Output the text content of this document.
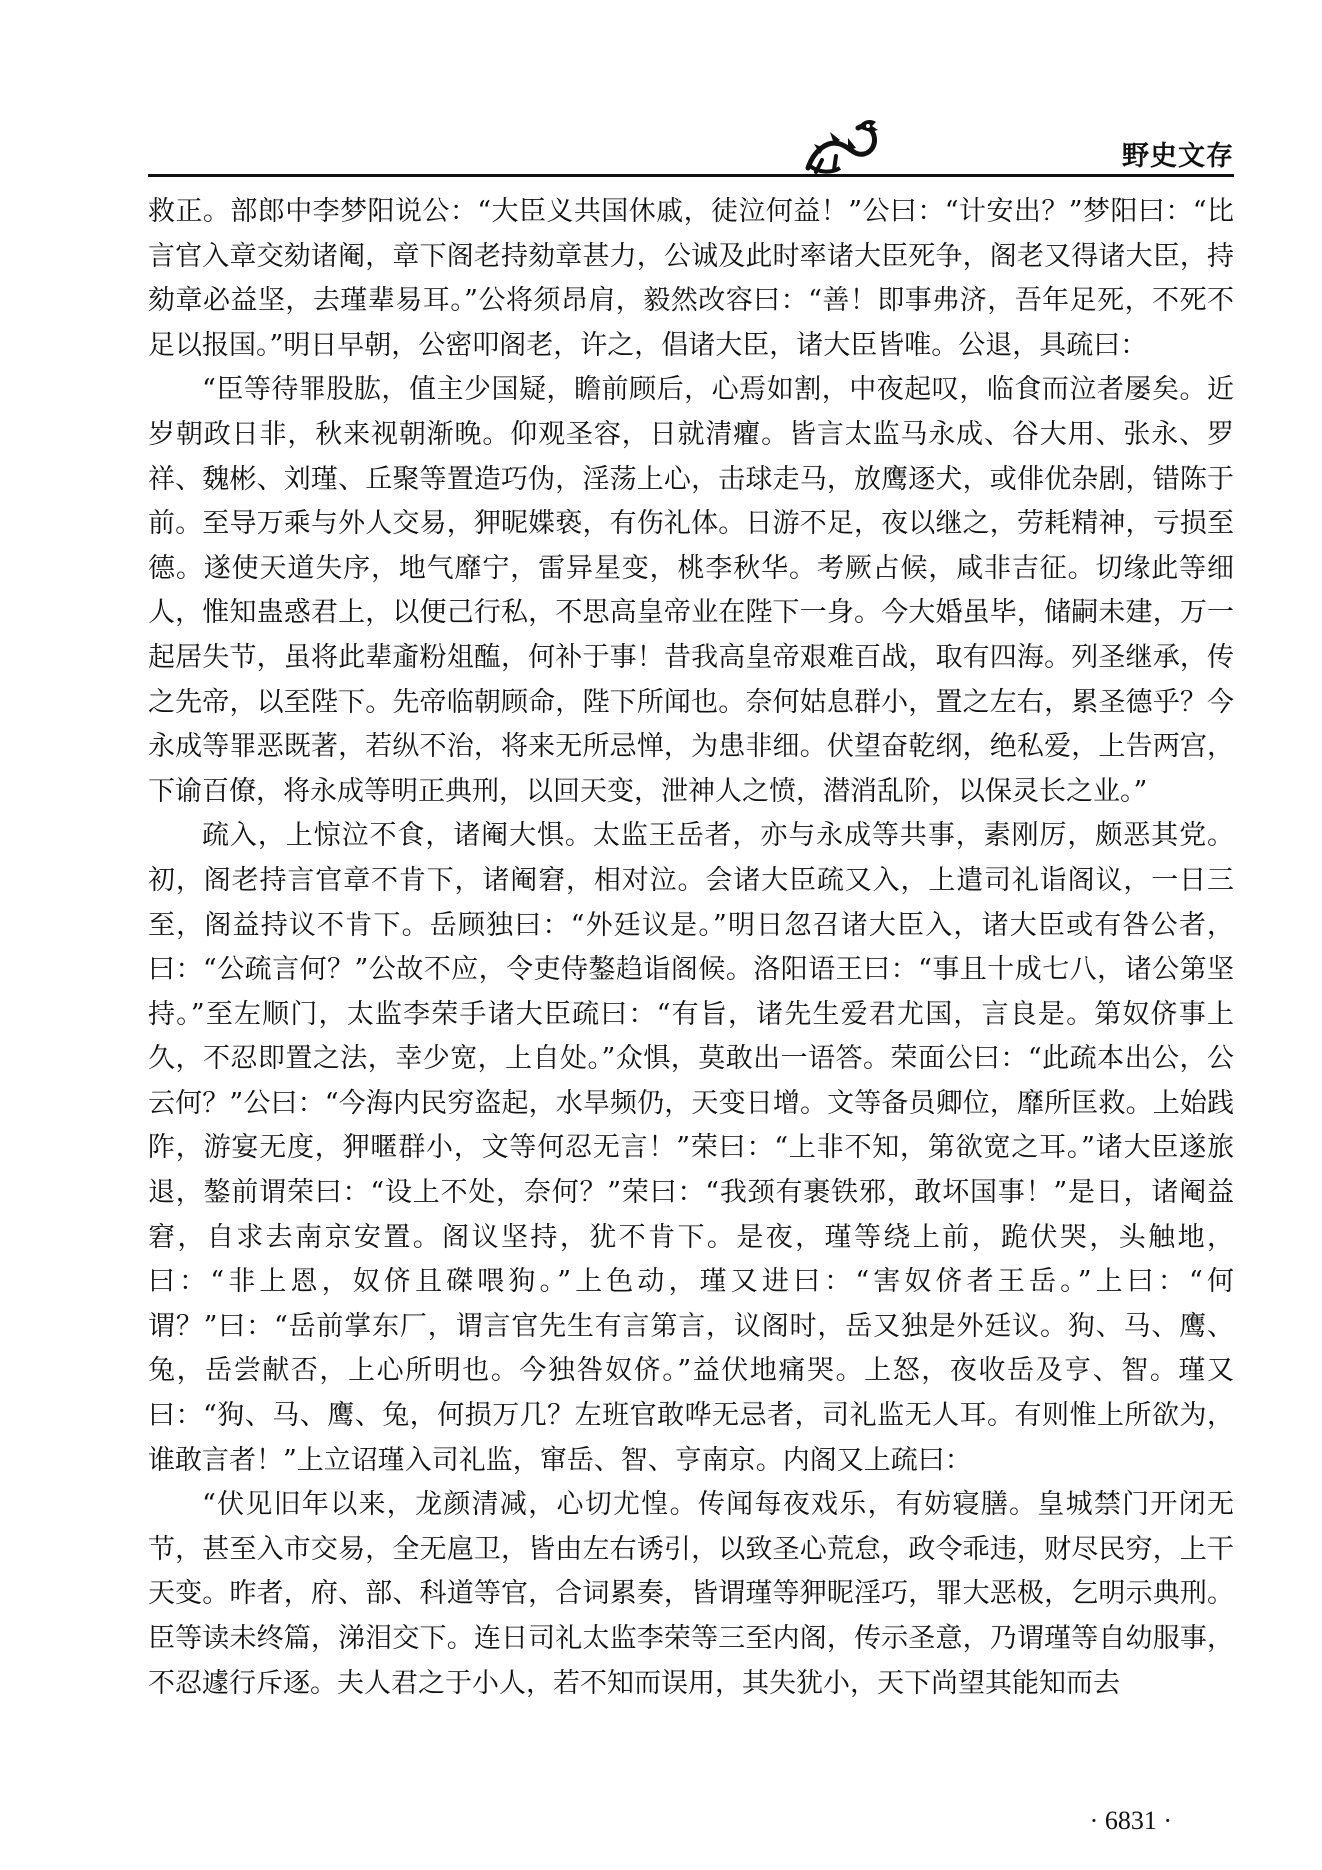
野史文存

救正。部郎中李梦阳说公：“大臣义共国休戚，徒泣何益！”公曰：“计安出？”梦阳曰：“比言官入章交劾诸阉，章下阁老持劾章甚力，公诚及此时率诸大臣死争，阁老又得诸大臣，持劾章必益坚，去瑾辈易耳。”公将须昂肩，毅然改容曰：“善！即事弗济，吾年足死，不死不足以报国。”明日早朝，公密叩阁老，许之，倡诸大臣，诸大臣皆唯。公退，具疏曰：

“臣等待罪股肱，值主少国疑，瞻前顾后，心焉如割，中夜起叹，临食而泣者屡矣。近岁朝政日非，秋来视朝渐晚。仰观圣容，日就清癯。皆言太监马永成、谷大用、张永、罗祥、魏彬、刘瑾、丘聚等置造巧伪，淫荡上心，击球走马，放鹰逐犬，或俳优杂剧，错陈于前。至导万乘与外人交易，狎昵媟亵，有伤礼体。日游不足，夜以继之，劳耗精神，亏损至德。遂使天道失序，地气靡宁，雷异星变，桃李秋华。考厥占候，咸非吉征。切缘此等细人，惟知蛊惑君上，以便己行私，不思高皇帝业在陛下一身。今大婚虽毕，储嗣未建，万一起居失节，虽将此辈齑粉俎醢，何补于事！昔我高皇帝艰难百战，取有四海。列圣继承，传之先帝，以至陛下。先帝临朝顾命，陛下所闻也。奈何姑息群小，置之左右，累圣德乎？今永成等罪恶既著，若纵不治，将来无所忌惮，为患非细。伏望奋乾纲，绝私爱，上告两宫，下谕百僚，将永成等明正典刑，以回天变，泄神人之愤，潜消乱阶，以保灵长之业。”

疏入，上惊泣不食，诸阉大惧。太监王岳者，亦与永成等共事，素刚厉，颇恶其党。初，阁老持言官章不肯下，诸阉窘，相对泣。会诸大臣疏又入，上遣司礼诣阁议，一日三至，阁益持议不肯下。岳顾独曰：“外廷议是。”明日忽召诸大臣入，诸大臣或有咎公者，曰：“公疏言何？”公故不应，令吏侍鏊趋诣阁候。洛阳语王曰：“事且十成七八，诸公第坚持。”至左顺门，太监李荣手诸大臣疏曰：“有旨，诸先生爱君尤国，言良是。第奴侪事上久，不忍即置之法，幸少宽，上自处。”众惧，莫敢出一语答。荣面公曰：“此疏本出公，公云何？”公曰：“今海内民穷盗起，水旱频仍，天变日增。文等备员卿位，靡所匡救。上始践阼，游宴无度，狎暱群小，文等何忍无言！”荣曰：“上非不知，第欲宽之耳。”诸大臣遂旅退，鏊前谓荣曰：“设上不处，奈何？”荣曰：“我颈有裹铁邪，敢坏国事！”是日，诸阉益窘，自求去南京安置。阁议坚持，犹不肯下。是夜，瑾等绕上前，跪伏哭，头触地，曰：“非上恩，奴侪且磔喂狗。”上色动，瑾又进曰：“害奴侪者王岳。”上曰：“何谓？”曰：“岳前掌东厂，谓言官先生有言第言，议阁时，岳又独是外廷议。狗、马、鹰、兔，岳尝献否，上心所明也。今独咎奴侪。”益伏地痛哭。上怒，夜收岳及亨、智。瑾又曰：“狗、马、鹰、兔，何损万几？左班官敢哗无忌者，司礼监无人耳。有则惟上所欲为，谁敢言者！”上立诏瑾入司礼监，窜岳、智、亨南京。内阁又上疏曰：

“伏见旧年以来，龙颜清减，心切尤惶。传闻每夜戏乐，有妨寝膳。皇城禁门开闭无节，甚至入市交易，全无扈卫，皆由左右诱引，以致圣心荒怠，政令乖违，财尽民穷，上干天变。昨者，府、部、科道等官，合词累奏，皆谓瑾等狎昵淫巧，罪大恶极，乞明示典刑。臣等读未终篇，涕泪交下。连日司礼太监李荣等三至内阁，传示圣意，乃谓瑾等自幼服事，不忍遽行斥逐。夫人君之于小人，若不知而误用，其失犹小，天下尚望其能知而去

· 6831 ·
